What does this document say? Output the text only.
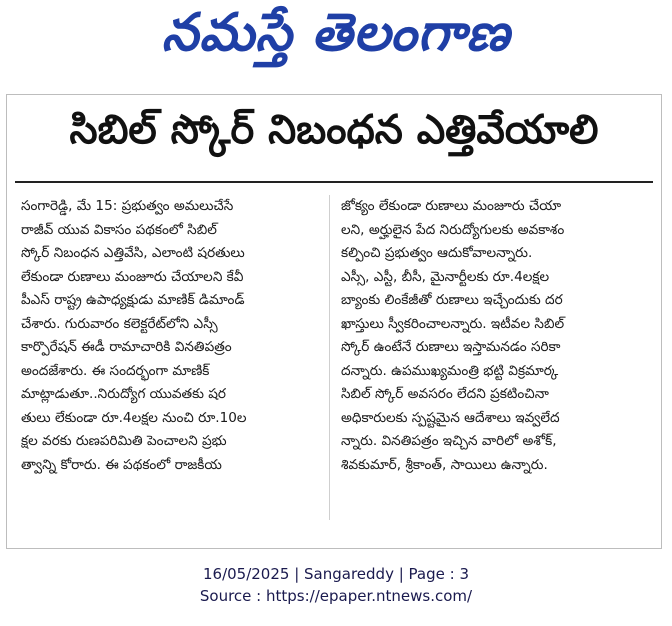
నమస్తే తెలంగాణ
సిబిల్ స్కోర్ నిబంధన ఎత్తివేయాలి
సంగారెడ్డి, మే 15: ప్రభుత్వం అమలుచేసే
రాజీవ్ యువ వికాసం పథకంలో సిబిల్
స్కోర్ నిబంధన ఎత్తివేసి, ఎలాంటి షరతులు
లేకుండా రుణాలు మంజూరు చేయాలని కేవీ
పీఎస్ రాష్ట్ర ఉపాధ్యక్షుడు మాణిక్ డిమాండ్
చేశారు. గురువారం కలెక్టరేట్‌లోని ఎస్సీ
కార్పొరేషన్ ఈడీ రామాచారికి వినతిపత్రం
అందజేశారు. ఈ సందర్భంగా మాణిక్
మాట్లాడుతూ..నిరుద్యోగ యువతకు షర
తులు లేకుండా రూ.4లక్షల నుంచి రూ.10ల
క్షల వరకు రుణపరిమితి పెంచాలని ప్రభు
త్వాన్ని కోరారు. ఈ పథకంలో రాజకీయ
జోక్యం లేకుండా రుణాలు మంజూరు చేయా
లని, అర్హులైన పేద నిరుద్యోగులకు అవకాశం
కల్పించి ప్రభుత్వం ఆదుకోవాలన్నారు.
ఎస్సీ, ఎస్టీ, బీసీ, మైనార్టీలకు రూ.4లక్షల
బ్యాంకు లింకేజీతో రుణాలు ఇచ్చేందుకు దర
ఖాస్తులు స్వీకరించాలన్నారు. ఇటీవల సిబిల్
స్కోర్ ఉంటేనే రుణాలు ఇస్తామనడం సరికా
దన్నారు. ఉపముఖ్యమంత్రి భట్టి విక్రమార్క
సిబిల్ స్కోర్ అవసరం లేదని ప్రకటించినా
అధికారులకు స్పష్టమైన ఆదేశాలు ఇవ్వలేద
న్నారు. వినతిపత్రం ఇచ్చిన వారిలో అశోక్,
శివకుమార్, శ్రీకాంత్, సాయిలు ఉన్నారు.
16/05/2025 | Sangareddy | Page : 3
Source : https://epaper.ntnews.com/
